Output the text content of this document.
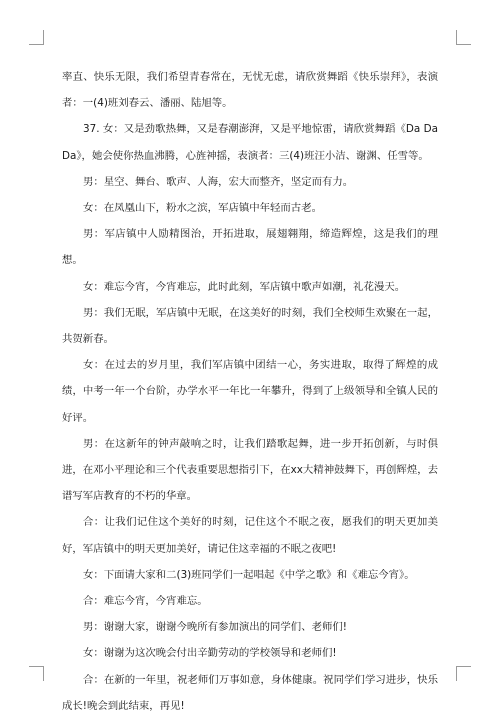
率直、快乐无限，我们希望青春常在，无忧无虑，请欣赏舞蹈《快乐崇拜》，表演者：一(4)班刘春云、潘丽、陆旭等。

37. 女：又是劲歌热舞，又是春潮澎湃，又是平地惊雷，请欣赏舞蹈《Da Da Da》，她会使你热血沸腾，心旌神摇，表演者：三(4)班汪小洁、谢渊、任雪等。

男：星空、舞台、歌声、人海，宏大而整齐，坚定而有力。

女：在凤凰山下，粉水之滨，军店镇中年轻而古老。

男：军店镇中人励精图治，开拓进取，展翅翱翔，缔造辉煌，这是我们的理想。

女：难忘今宵，今宵难忘，此时此刻，军店镇中歌声如潮，礼花漫天。

男：我们无眠，军店镇中无眠，在这美好的时刻，我们全校师生欢聚在一起，共贺新春。

女：在过去的岁月里，我们军店镇中团结一心，务实进取，取得了辉煌的成绩，中考一年一个台阶，办学水平一年比一年攀升，得到了上级领导和全镇人民的好评。

男：在这新年的钟声敲响之时，让我们踏歌起舞，进一步开拓创新，与时俱进，在邓小平理论和三个代表重要思想指引下，在xx大精神鼓舞下，再创辉煌，去谱写军店教育的不朽的华章。

合：让我们记住这个美好的时刻，记住这个不眠之夜，愿我们的明天更加美好，军店镇中的明天更加美好，请记住这幸福的不眠之夜吧!

女：下面请大家和二(3)班同学们一起唱起《中学之歌》和《难忘今宵》。

合：难忘今宵，今宵难忘。

男：谢谢大家，谢谢今晚所有参加演出的同学们、老师们!

女：谢谢为这次晚会付出辛勤劳动的学校领导和老师们!

合：在新的一年里，祝老师们万事如意，身体健康。祝同学们学习进步，快乐成长!晚会到此结束，再见!
